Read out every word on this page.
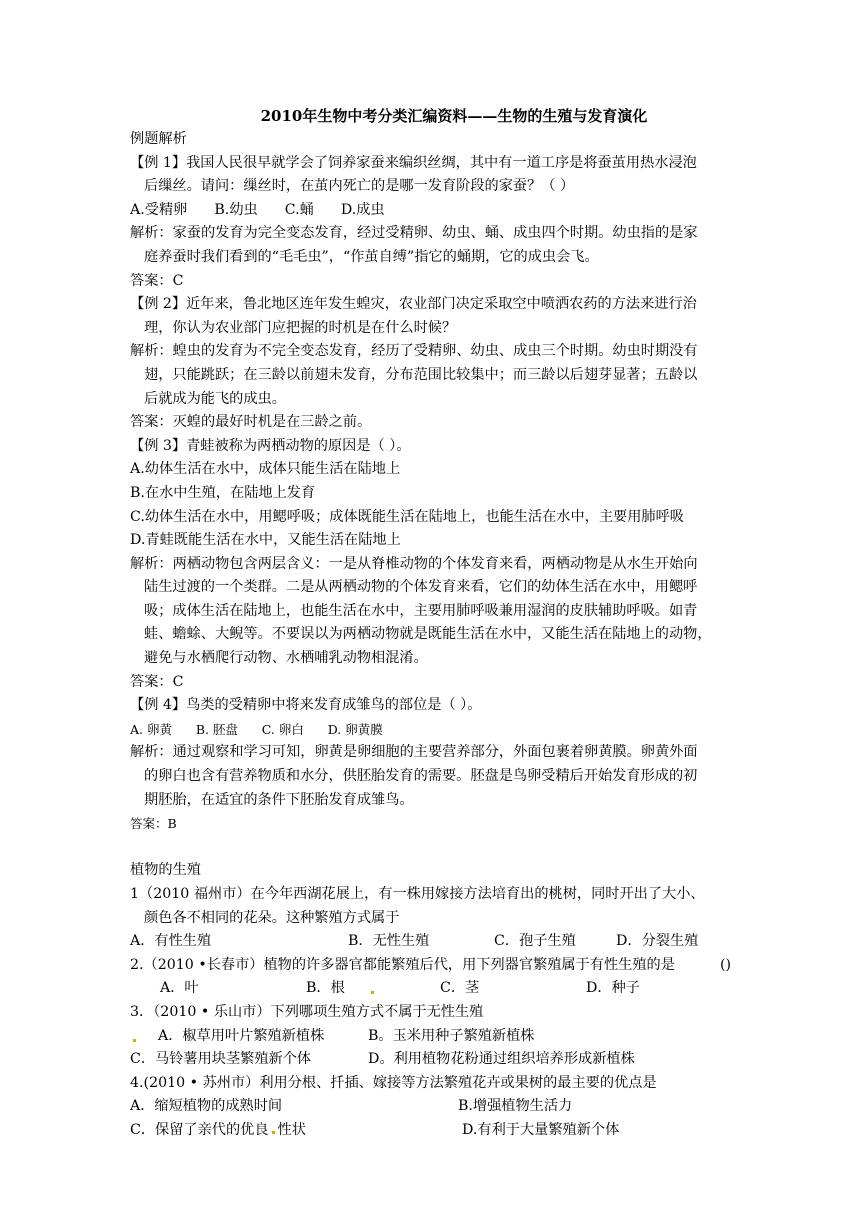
2010年生物中考分类汇编资料——生物的生殖与发育演化
例题解析
【例 1】我国人民很早就学会了饲养家蚕来编织丝绸，其中有一道工序是将蚕茧用热水浸泡
后缫丝。请问：缫丝时，在茧内死亡的是哪一发育阶段的家蚕？（ ）
A.受精卵      B.幼虫      C.蛹      D.成虫
解析：家蚕的发育为完全变态发育，经过受精卵、幼虫、蛹、成虫四个时期。幼虫指的是家
庭养蚕时我们看到的“毛毛虫”，“作茧自缚”指它的蛹期，它的成虫会飞。
答案：C
【例 2】近年来，鲁北地区连年发生蝗灾，农业部门决定采取空中喷洒农药的方法来进行治
理，你认为农业部门应把握的时机是在什么时候？
解析：蝗虫的发育为不完全变态发育，经历了受精卵、幼虫、成虫三个时期。幼虫时期没有
翅，只能跳跃；在三龄以前翅未发育，分布范围比较集中；而三龄以后翅芽显著；五龄以
后就成为能飞的成虫。
答案：灭蝗的最好时机是在三龄之前。
【例 3】青蛙被称为两栖动物的原因是（ ）。
A.幼体生活在水中，成体只能生活在陆地上
B.在水中生殖，在陆地上发育
C.幼体生活在水中，用鳃呼吸；成体既能生活在陆地上，也能生活在水中，主要用肺呼吸
D.青蛙既能生活在水中，又能生活在陆地上
解析：两栖动物包含两层含义：一是从脊椎动物的个体发育来看，两栖动物是从水生开始向
陆生过渡的一个类群。二是从两栖动物的个体发育来看，它们的幼体生活在水中，用鳃呼
吸；成体生活在陆地上，也能生活在水中，主要用肺呼吸兼用湿润的皮肤辅助呼吸。如青
蛙、蟾蜍、大鲵等。不要误以为两栖动物就是既能生活在水中，又能生活在陆地上的动物，
避免与水栖爬行动物、水栖哺乳动物相混淆。
答案：C
【例 4】鸟类的受精卵中将来发育成雏鸟的部位是（ ）。
A. 卵黄      B. 胚盘      C. 卵白      D. 卵黄膜
解析：通过观察和学习可知，卵黄是卵细胞的主要营养部分，外面包裹着卵黄膜。卵黄外面
的卵白也含有营养物质和水分，供胚胎发育的需要。胚盘是鸟卵受精后开始发育形成的初
期胚胎，在适宜的条件下胚胎发育成雏鸟。
答案：B
植物的生殖
1（2010 福州市）在今年西湖花展上，有一株用嫁接方法培育出的桃树，同时开出了大小、
颜色各不相同的花朵。这种繁殖方式属于
A．有性生殖	B．无性生殖	C．孢子生殖	D．分裂生殖
2.（2010 •长春市）植物的许多器官都能繁殖后代，用下列器官繁殖属于有性生殖的是	()
A．叶	B．根	C．茎	D．种子
3．（2010 • 乐山市）下列哪项生殖方式不属于无性生殖
A．椒草用叶片繁殖新植株	B。玉米用种子繁殖新植株
C．马铃薯用块茎繁殖新个体	D。利用植物花粉通过组织培养形成新植株
4.(2010 • 苏州市）利用分根、扦插、嫁接等方法繁殖花卉或果树的最主要的优点是
A．缩短植物的成熟时间	B.增强植物生活力
C．保留了亲代的优良 性状	D.有利于大量繁殖新个体
